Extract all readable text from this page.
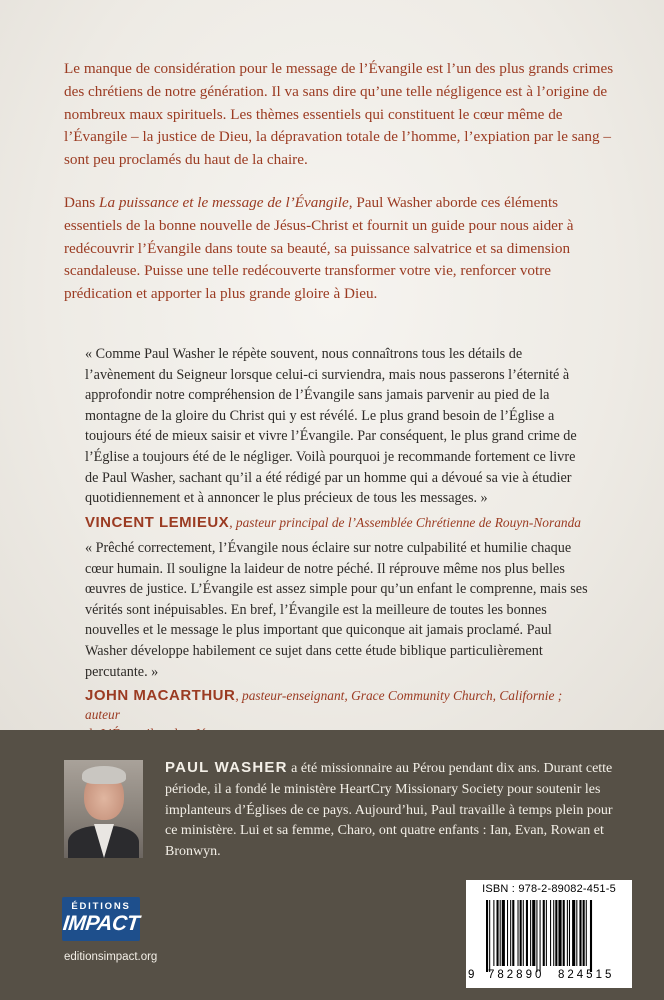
Le manque de considération pour le message de l’Évangile est l’un des plus grands crimes des chrétiens de notre génération. Il va sans dire qu’une telle négligence est à l’origine de nombreux maux spirituels. Les thèmes essentiels qui constituent le cœur même de l’Évangile – la justice de Dieu, la dépravation totale de l’homme, l’expiation par le sang – sont peu proclamés du haut de la chaire.

Dans La puissance et le message de l’Évangile, Paul Washer aborde ces éléments essentiels de la bonne nouvelle de Jésus-Christ et fournit un guide pour nous aider à redécouvrir l’Évangile dans toute sa beauté, sa puissance salvatrice et sa dimension scandaleuse. Puisse une telle redécouverte transformer votre vie, renforcer votre prédication et apporter la plus grande gloire à Dieu.

« Comme Paul Washer le répète souvent, nous connaîtrons tous les détails de l’avènement du Seigneur lorsque celui-ci surviendra, mais nous passerons l’éternité à approfondir notre compréhension de l’Évangile sans jamais parvenir au pied de la montagne de la gloire du Christ qui y est révélé. Le plus grand besoin de l’Église a toujours été de mieux saisir et vivre l’Évangile. Par conséquent, le plus grand crime de l’Église a toujours été de le négliger. Voilà pourquoi je recommande fortement ce livre de Paul Washer, sachant qu’il a été rédigé par un homme qui a dévoué sa vie à étudier quotidiennement et à annoncer le plus précieux de tous les messages. »

VINCENT LEMIEUX, pasteur principal de l’Assemblée Chrétienne de Rouyn-Noranda

« Prêché correctement, l’Évangile nous éclaire sur notre culpabilité et humilie chaque cœur humain. Il souligne la laideur de notre péché. Il réprouve même nos plus belles œuvres de justice. L’Évangile est assez simple pour qu’un enfant le comprenne, mais ses vérités sont inépuisables. En bref, l’Évangile est la meilleure de toutes les bonnes nouvelles et le message le plus important que quiconque ait jamais proclamé. Paul Washer développe habilement ce sujet dans cette étude biblique particulièrement percutante. »

JOHN MACARTHUR, pasteur-enseignant, Grace Community Church, Californie ; auteur

PAUL WASHER a été missionnaire au Pérou pendant dix ans. Durant cette période, il a fondé le ministère HeartCry Missionary Society pour soutenir les implanteurs d’Églises de ce pays. Aujourd’hui, Paul travaille à temps plein pour ce ministère. Lui et sa femme, Charo, ont quatre enfants : Ian, Evan, Rowan et Bronwyn.
ÉDITIONS
IMPACT
editionsimpact.org
ISBN : 978-2-89082-451-5
9 782890 824515
